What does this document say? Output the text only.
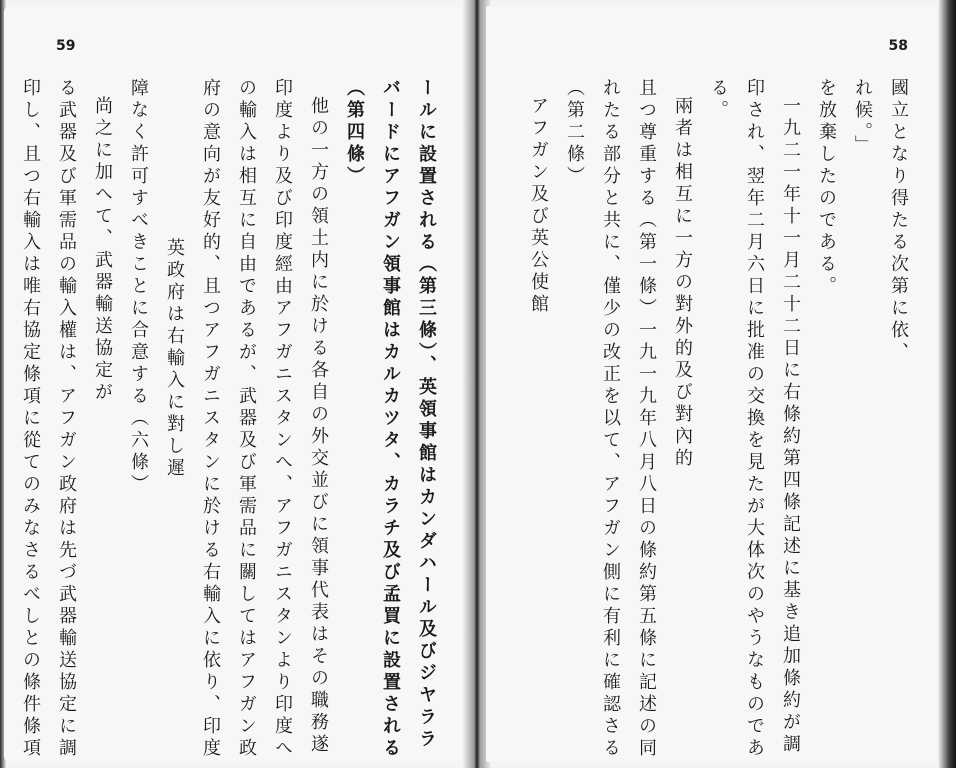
59
ールに設置される（第三條）、英領事館はカンダハール及びジヤララ
バードにアフガン領事館はカルカツタ、カラチ及び孟買に設置される
（第四條）
他の一方の領土内に於ける各自の外交並びに領事代表はその職務遂
印度より及び印度經由アフガニスタンへ、アフガニスタンより印度へ
の輸入は相互に自由であるが、武器及び軍需品に關してはアフガン政
府の意向が友好的、且つアフガニスタンに於ける右輸入に依り、印度
英政府は右輸入に對し遲
障なく許可すべきことに合意する（六條）
尚之に加へて、武器輸送協定が
る武器及び軍需品の輸入權は、アフガン政府は先づ武器輸送協定に調
印し、且つ右輸入は唯右協定條項に從てのみなさるべしとの條件條項
58
國立となり得たる次第に依、
れ候。」
を放棄したのである。
一九二一年十一月二十二日に右條約第四條記述に基き追加條約が調
印され、翌年二月六日に批准の交換を見たが大体次のやうなものであ
る。
兩者は相互に一方の對外的及び對內的
且つ尊重する（第一條）一九一九年八月八日の條約第五條に記述の同
れたる部分と共に、僅少の改正を以て、アフガン側に有利に確認さる
（第二條）
アフガン及び英公使館
